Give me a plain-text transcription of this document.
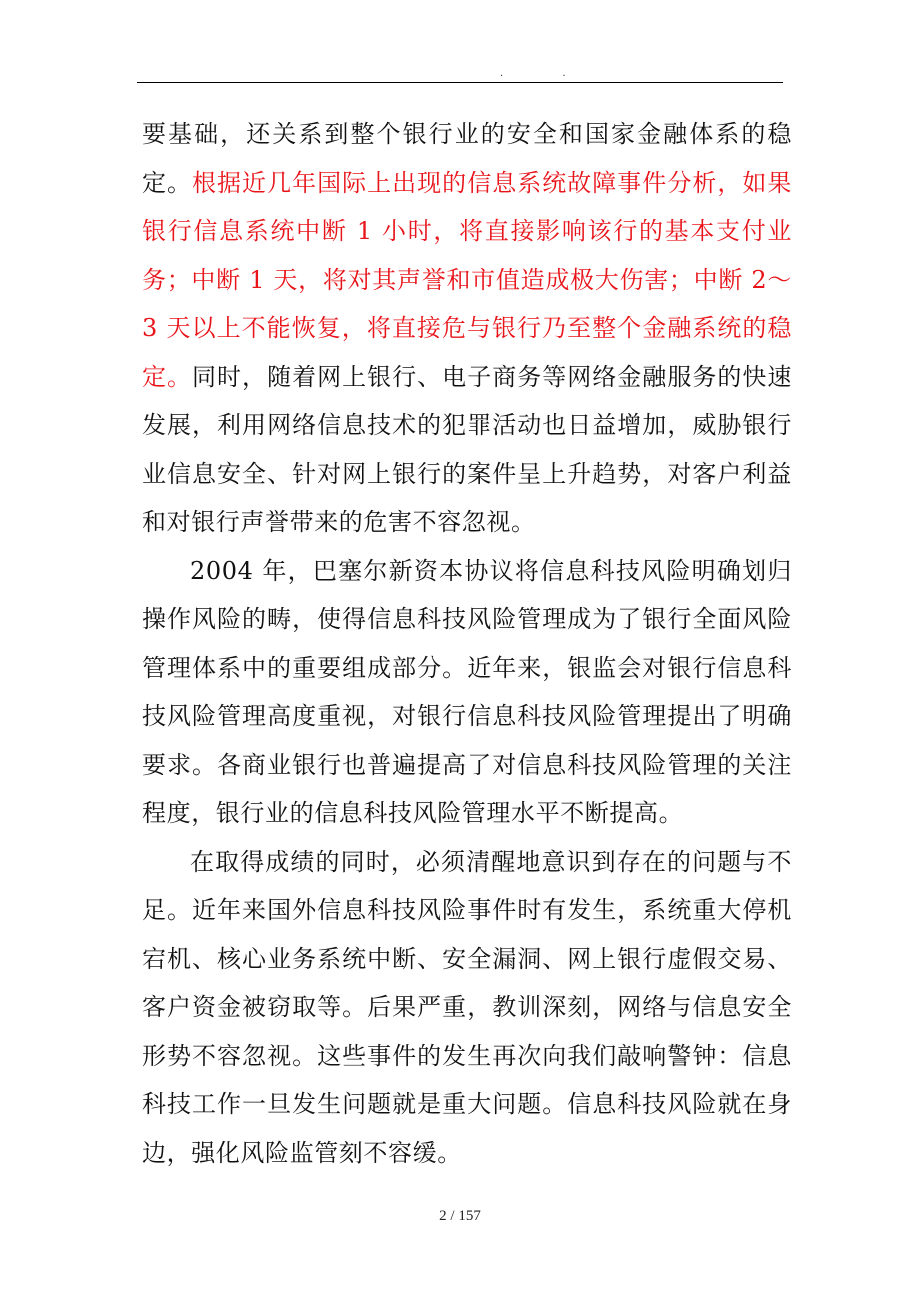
. .

要基础，还关系到整个银行业的安全和国家金融体系的稳定。根据近几年国际上出现的信息系统故障事件分析，如果银行信息系统中断 1 小时，将直接影响该行的基本支付业务；中断 1 天，将对其声誉和市值造成极大伤害；中断 2～3 天以上不能恢复，将直接危与银行乃至整个金融系统的稳定。同时，随着网上银行、电子商务等网络金融服务的快速发展，利用网络信息技术的犯罪活动也日益增加，威胁银行业信息安全、针对网上银行的案件呈上升趋势，对客户利益和对银行声誉带来的危害不容忽视。

2004 年，巴塞尔新资本协议将信息科技风险明确划归操作风险的畴，使得信息科技风险管理成为了银行全面风险管理体系中的重要组成部分。近年来，银监会对银行信息科技风险管理高度重视，对银行信息科技风险管理提出了明确要求。各商业银行也普遍提高了对信息科技风险管理的关注程度，银行业的信息科技风险管理水平不断提高。

在取得成绩的同时，必须清醒地意识到存在的问题与不足。近年来国外信息科技风险事件时有发生，系统重大停机宕机、核心业务系统中断、安全漏洞、网上银行虚假交易、客户资金被窃取等。后果严重，教训深刻，网络与信息安全形势不容忽视。这些事件的发生再次向我们敲响警钟：信息科技工作一旦发生问题就是重大问题。信息科技风险就在身边，强化风险监管刻不容缓。

2 / 157
